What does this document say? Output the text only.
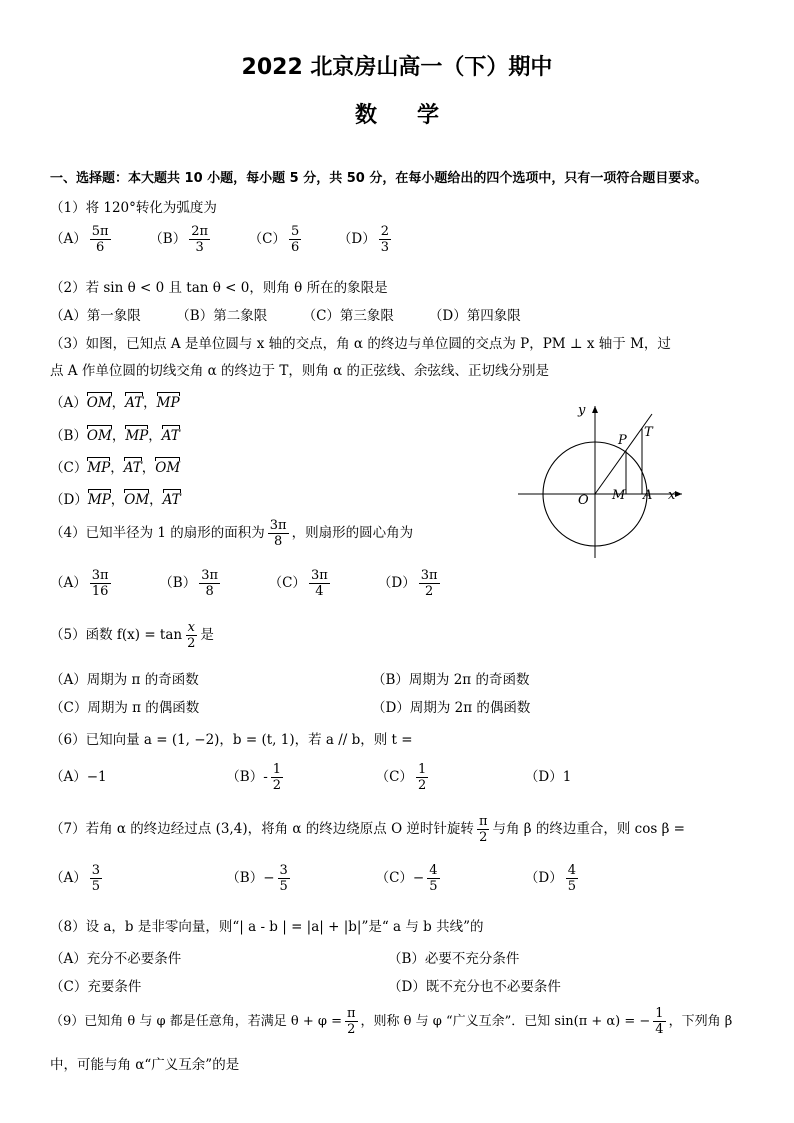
2022 北京房山高一（下）期中
数学
一、选择题：本大题共 10 小题，每小题 5 分，共 50 分，在每小题给出的四个选项中，只有一项符合题目要求。
（1）将 120°转化为弧度为
$(A) \frac{5\pi}{6}$	$(B) \frac{2\pi}{3}$	$(C) \frac{5}{6}$	$(D) \frac{2}{3}$
（2）若 sin θ < 0 且 tan θ < 0，则角 θ 所在的象限是
（A）第一象限	（B）第二象限	（C）第三象限	（D）第四象限
（3）如图，已知点 A 是单位圆与 x 轴的交点，角 α 的终边与单位圆的交点为 P，PM ⊥ x 轴于 M，过
点 A 作单位圆的切线交角 α 的终边于 T，则角 α 的正弦线、余弦线、正切线分别是
（A）OM，AT，MP
（B）OM，MP，AT
（C）MP，AT，OM
（D）MP，OM，AT
y
x
P
T
O M A
（4）已知半径为 1 的扇形的面积为 $\frac{3\pi}{8}$ ，则扇形的圆心角为
$(A) \frac{3\pi}{16}$	$(B) \frac{3\pi}{8}$	$(C) \frac{3\pi}{4}$	$(D) \frac{3\pi}{2}$
（5）函数 $f(x) = \tan \frac{x}{2}$ 是
（A）周期为 π 的奇函数	（B）周期为 2π 的奇函数
（C）周期为 π 的偶函数	（D）周期为 2π 的偶函数
（6）已知向量 a = (1, −2)，b = (t, 1)，若 a // b，则 t =
（A）−1	$(B)- \frac{1}{2}$	$(C) \frac{1}{2}$	（D）1
（7）若角 α 的终边经过点 (3,4)，将角 α 的终边绕原点 O 逆时针旋转 $\frac{\pi}{2}$ 与角 β 的终边重合，则 cos β =
$(A) \frac{3}{5}$	$(B)- \frac{3}{5}$	$(C)- \frac{4}{5}$	$(D) \frac{4}{5}$
（8）设 a，b 是非零向量，则“| a - b | = |a| + |b|”是“ a 与 b 共线”的
（A）充分不必要条件	（B）必要不充分条件
（C）充要条件	（D）既不充分也不必要条件
（9）已知角 θ 与 φ 都是任意角，若满足 $\theta + \varphi = \frac{\pi}{2}$ ，则称 θ 与 φ “广义互余”．已知 sin(π + α) = − $\frac{1}{4}$ ，下列角 β
中，可能与角 α“广义互余”的是
